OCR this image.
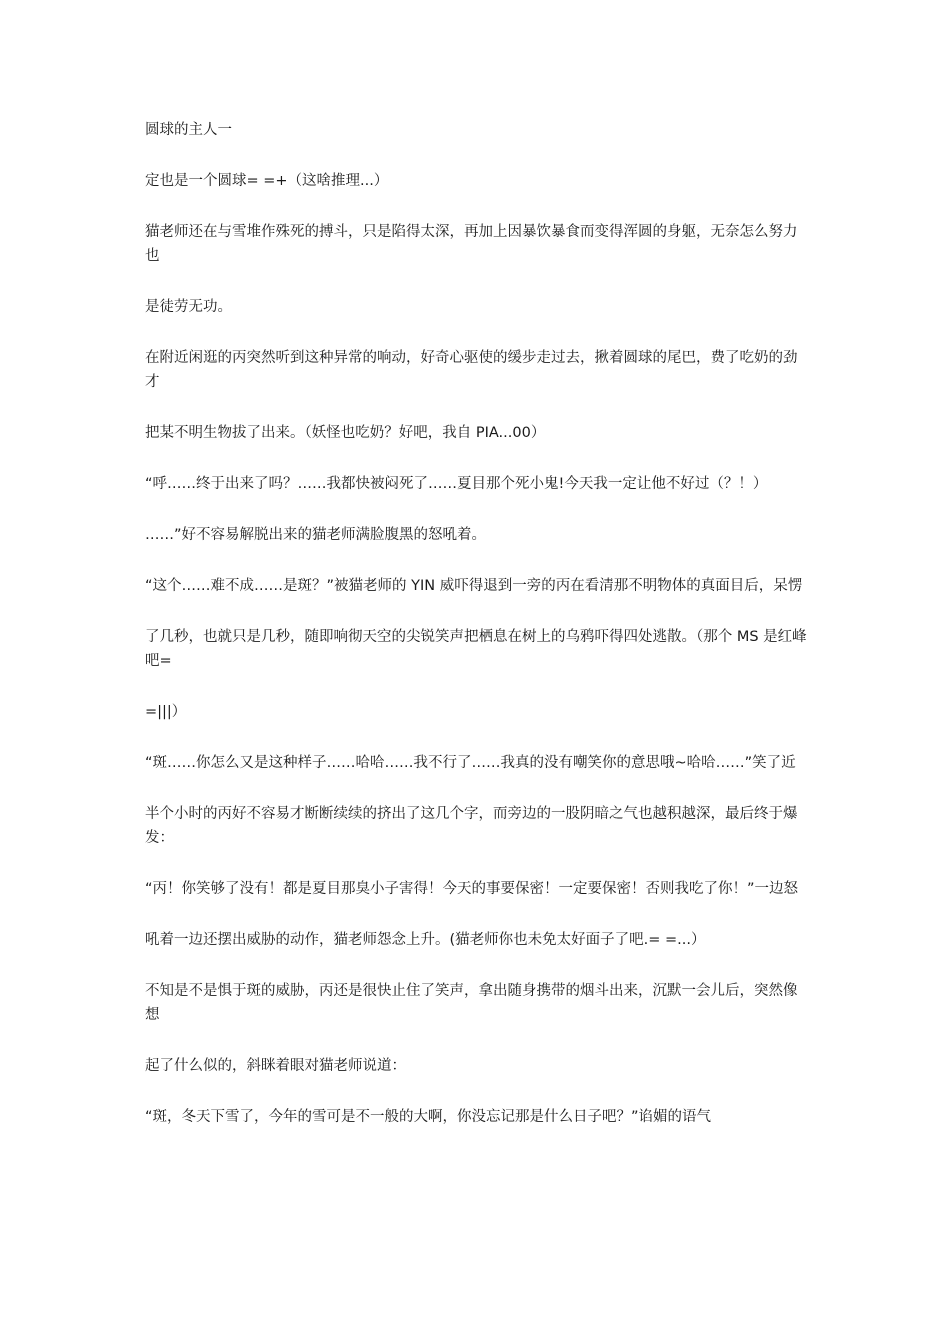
圆球的主人一

定也是一个圆球= =+（这啥推理...）

猫老师还在与雪堆作殊死的搏斗，只是陷得太深，再加上因暴饮暴食而变得浑圆的身躯，无奈怎么努力也

是徒劳无功。

在附近闲逛的丙突然听到这种异常的响动，好奇心驱使的缓步走过去，揪着圆球的尾巴，费了吃奶的劲才

把某不明生物拔了出来。（妖怪也吃奶？好吧，我自 PIA...00）

“呼……终于出来了吗？……我都快被闷死了……夏目那个死小鬼!今天我一定让他不好过（？！）

……”好不容易解脱出来的猫老师满脸腹黑的怒吼着。

“这个……难不成……是斑？”被猫老师的 YIN 威吓得退到一旁的丙在看清那不明物体的真面目后，呆愣

了几秒，也就只是几秒，随即响彻天空的尖锐笑声把栖息在树上的乌鸦吓得四处逃散。（那个 MS 是红峰吧=

=|||）

“斑……你怎么又是这种样子……哈哈……我不行了……我真的没有嘲笑你的意思哦~哈哈……”笑了近

半个小时的丙好不容易才断断续续的挤出了这几个字，而旁边的一股阴暗之气也越积越深，最后终于爆发：

“丙！你笑够了没有！都是夏目那臭小子害得！今天的事要保密！一定要保密！否则我吃了你！”一边怒

吼着一边还摆出威胁的动作，猫老师怨念上升。(猫老师你也未免太好面子了吧.= =...）

不知是不是惧于斑的威胁，丙还是很快止住了笑声，拿出随身携带的烟斗出来，沉默一会儿后，突然像想

起了什么似的，斜眯着眼对猫老师说道：

“斑，冬天下雪了，今年的雪可是不一般的大啊，你没忘记那是什么日子吧？”谄媚的语气
